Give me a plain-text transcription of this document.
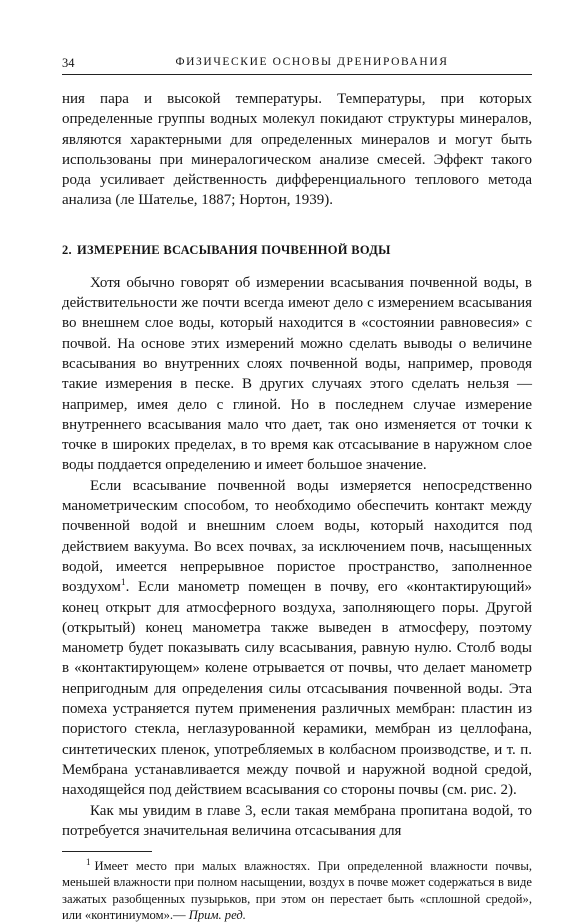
34	ФИЗИЧЕСКИЕ ОСНОВЫ ДРЕНИРОВАНИЯ

ния пара и высокой температуры. Температуры, при которых определенные группы водных молекул покидают структуры минералов, являются характерными для определенных минералов и могут быть использованы при минералогическом анализе смесей. Эффект такого рода усиливает действенность дифференциального теплового метода анализа (ле Шателье, 1887; Нортон, 1939).

2. ИЗМЕРЕНИЕ ВСАСЫВАНИЯ ПОЧВЕННОЙ ВОДЫ

Хотя обычно говорят об измерении всасывания почвенной воды, в действительности же почти всегда имеют дело с измерением всасывания во внешнем слое воды, который находится в «состоянии равновесия» с почвой. На основе этих измерений можно сделать выводы о величине всасывания во внутренних слоях почвенной воды, например, проводя такие измерения в песке. В других случаях этого сделать нельзя — например, имея дело с глиной. Но в последнем случае измерение внутреннего всасывания мало что дает, так оно изменяется от точки к точке в широких пределах, в то время как отсасывание в наружном слое воды поддается определению и имеет большое значение.

Если всасывание почвенной воды измеряется непосредственно манометрическим способом, то необходимо обеспечить контакт между почвенной водой и внешним слоем воды, который находится под действием вакуума. Во всех почвах, за исключением почв, насыщенных водой, имеется непрерывное пористое пространство, заполненное воздухом$^1$. Если манометр помещен в почву, его «контактирующий» конец открыт для атмосферного воздуха, заполняющего поры. Другой (открытый) конец манометра также выведен в атмосферу, поэтому манометр будет показывать силу всасывания, равную нулю. Столб воды в «контактирующем» колене отрывается от почвы, что делает манометр непригодным для определения силы отсасывания почвенной воды. Эта помеха устраняется путем применения различных мембран: пластин из пористого стекла, неглазурованной керамики, мембран из целлофана, синтетических пленок, употребляемых в колбасном производстве, и т. п. Мембрана устанавливается между почвой и наружной водной средой, находящейся под действием всасывания со стороны почвы (см. рис. 2).

Как мы увидим в главе 3, если такая мембрана пропитана водой, то потребуется значительная величина отсасывания для

$^1$ Имеет место при малых влажностях. При определенной влажности почвы, меньшей влажности при полном насыщении, воздух в почве может содержаться в виде зажатых разобщенных пузырьков, при этом он перестает быть «сплошной средой», или «континиумом».— Прим. ред.
